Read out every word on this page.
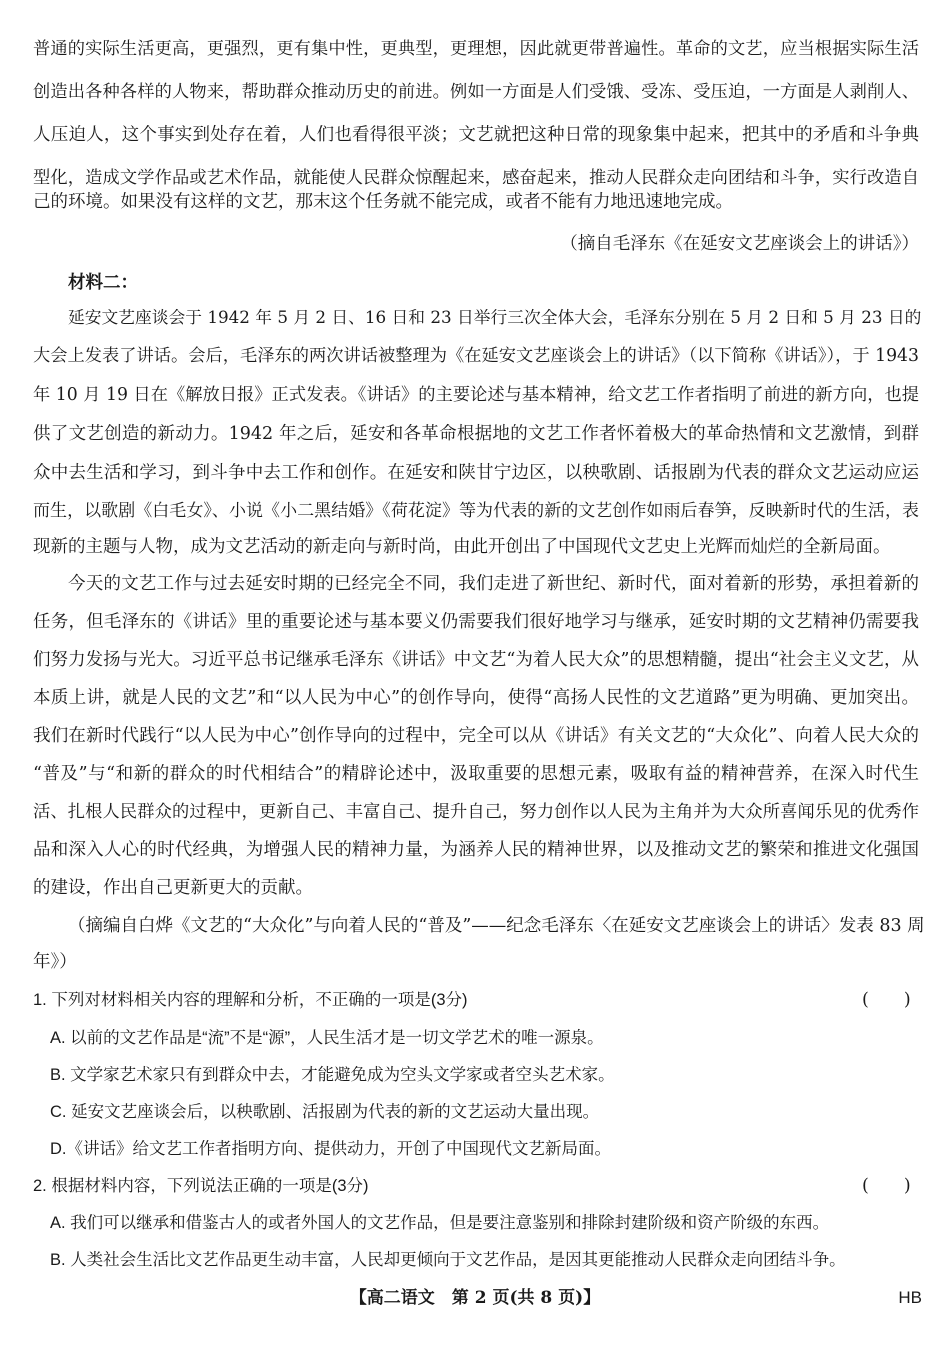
普通的实际生活更高，更强烈，更有集中性，更典型，更理想，因此就更带普遍性。革命的文艺，应当根据实际生活
创造出各种各样的人物来，帮助群众推动历史的前进。例如一方面是人们受饿、受冻、受压迫，一方面是人剥削人、
人压迫人，这个事实到处存在着，人们也看得很平淡；文艺就把这种日常的现象集中起来，把其中的矛盾和斗争典
型化，造成文学作品或艺术作品，就能使人民群众惊醒起来，感奋起来，推动人民群众走向团结和斗争，实行改造自
己的环境。如果没有这样的文艺，那末这个任务就不能完成，或者不能有力地迅速地完成。
（摘自毛泽东《在延安文艺座谈会上的讲话》）
材料二：
延安文艺座谈会于 1942 年 5 月 2 日、16 日和 23 日举行三次全体大会，毛泽东分别在 5 月 2 日和 5 月 23 日的
大会上发表了讲话。会后，毛泽东的两次讲话被整理为《在延安文艺座谈会上的讲话》（以下简称《讲话》），于 1943
年 10 月 19 日在《解放日报》正式发表。《讲话》的主要论述与基本精神，给文艺工作者指明了前进的新方向，也提
供了文艺创造的新动力。1942 年之后，延安和各革命根据地的文艺工作者怀着极大的革命热情和文艺激情，到群
众中去生活和学习，到斗争中去工作和创作。在延安和陕甘宁边区，以秧歌剧、话报剧为代表的群众文艺运动应运
而生，以歌剧《白毛女》、小说《小二黑结婚》《荷花淀》等为代表的新的文艺创作如雨后春笋，反映新时代的生活，表
现新的主题与人物，成为文艺活动的新走向与新时尚，由此开创出了中国现代文艺史上光辉而灿烂的全新局面。
今天的文艺工作与过去延安时期的已经完全不同，我们走进了新世纪、新时代，面对着新的形势，承担着新的
任务，但毛泽东的《讲话》里的重要论述与基本要义仍需要我们很好地学习与继承，延安时期的文艺精神仍需要我
们努力发扬与光大。习近平总书记继承毛泽东《讲话》中文艺“为着人民大众”的思想精髓，提出“社会主义文艺，从
本质上讲，就是人民的文艺”和“以人民为中心”的创作导向，使得“高扬人民性的文艺道路”更为明确、更加突出。
我们在新时代践行“以人民为中心”创作导向的过程中，完全可以从《讲话》有关文艺的“大众化”、向着人民大众的
“普及”与“和新的群众的时代相结合”的精辟论述中，汲取重要的思想元素，吸取有益的精神营养，在深入时代生
活、扎根人民群众的过程中，更新自己、丰富自己、提升自己，努力创作以人民为主角并为大众所喜闻乐见的优秀作
品和深入人心的时代经典，为增强人民的精神力量，为涵养人民的精神世界，以及推动文艺的繁荣和推进文化强国
的建设，作出自己更新更大的贡献。
（摘编自白烨《文艺的“大众化”与向着人民的“普及”——纪念毛泽东〈在延安文艺座谈会上的讲话〉发表 83 周
年》）
1. 下列对材料相关内容的理解和分析，不正确的一项是(3分)	(　　)
A. 以前的文艺作品是“流”不是“源”，人民生活才是一切文学艺术的唯一源泉。
B. 文学家艺术家只有到群众中去，才能避免成为空头文学家或者空头艺术家。
C. 延安文艺座谈会后，以秧歌剧、活报剧为代表的新的文艺运动大量出现。
D.《讲话》给文艺工作者指明方向、提供动力，开创了中国现代文艺新局面。
2. 根据材料内容，下列说法正确的一项是(3分)	(　　)
A. 我们可以继承和借鉴古人的或者外国人的文艺作品，但是要注意鉴别和排除封建阶级和资产阶级的东西。
B. 人类社会生活比文艺作品更生动丰富，人民却更倾向于文艺作品，是因其更能推动人民群众走向团结斗争。
【高二语文　第 2 页(共 8 页)】	HB
